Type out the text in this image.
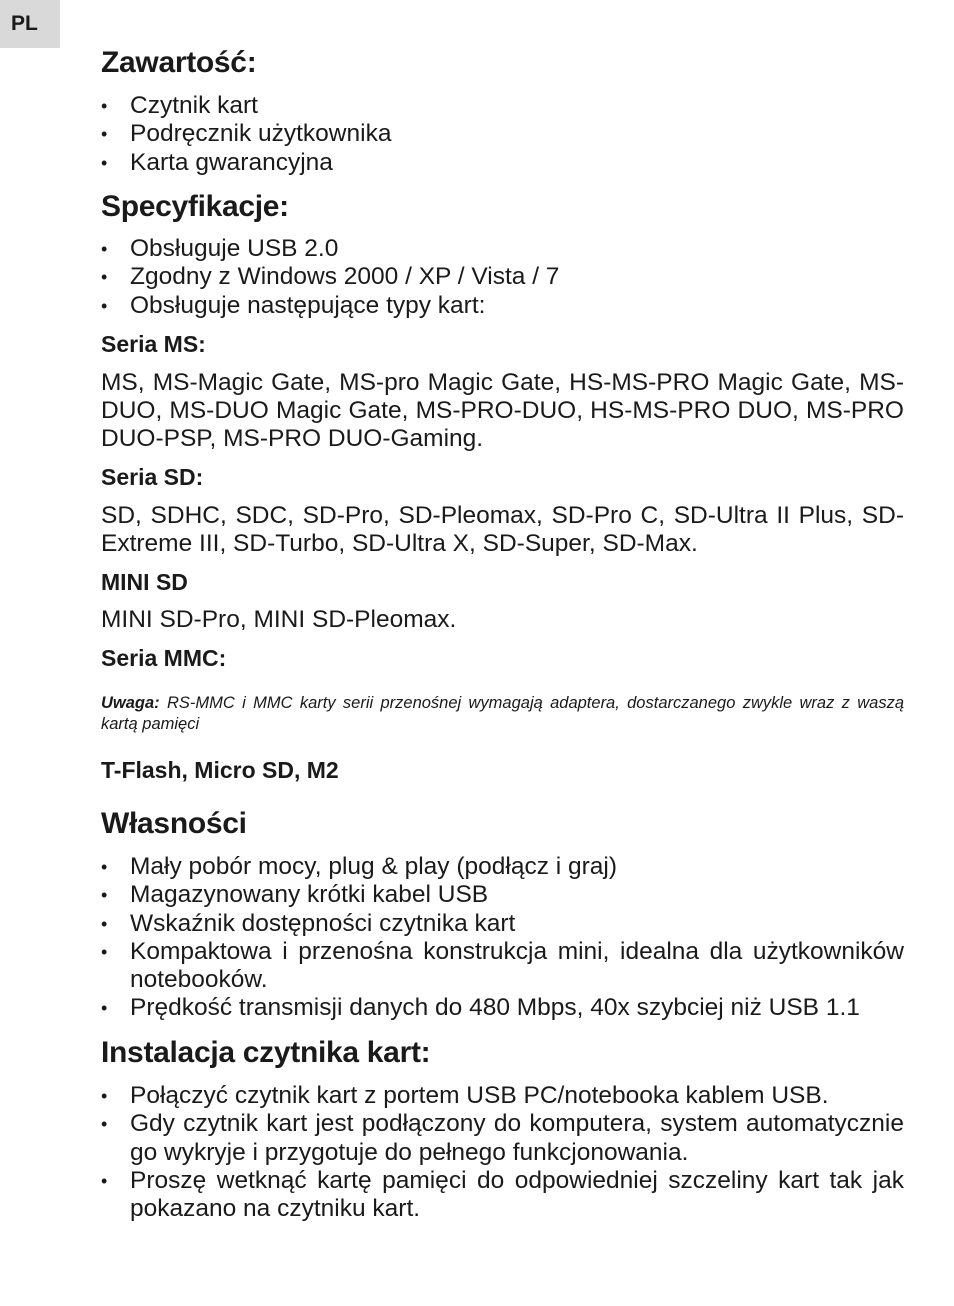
PL
Zawartość:
• Czytnik kart
• Podręcznik użytkownika
• Karta gwarancyjna
Specyfikacje:
• Obsługuje USB 2.0
• Zgodny z Windows 2000 / XP / Vista / 7
• Obsługuje następujące typy kart:

Seria MS:

MS, MS-Magic Gate, MS-pro Magic Gate, HS-MS-PRO Magic Gate, MS-DUO, MS-DUO Magic Gate, MS-PRO-DUO, HS-MS-PRO DUO, MS-PRO DUO-PSP, MS-PRO DUO-Gaming.

Seria SD:

SD, SDHC, SDC, SD-Pro, SD-Pleomax, SD-Pro C, SD-Ultra II Plus, SD-Extreme III, SD-Turbo, SD-Ultra X, SD-Super, SD-Max.

MINI SD

MINI SD-Pro, MINI SD-Pleomax.

Seria MMC:

Uwaga: RS-MMC i MMC karty serii przenośnej wymagają adaptera, dostarczanego zwykle wraz z waszą kartą pamięci

T-Flash, Micro SD, M2

Własności
• Mały pobór mocy, plug & play (podłącz i graj)
• Magazynowany krótki kabel USB
• Wskaźnik dostępności czytnika kart
• Kompaktowa i przenośna konstrukcja mini, idealna dla użytkowników notebooków.
• Prędkość transmisji danych do 480 Mbps, 40x szybciej niż USB 1.1
Instalacja czytnika kart:
• Połączyć czytnik kart z portem USB PC/notebooka kablem USB.
• Gdy czytnik kart jest podłączony do komputera, system automatycznie go wykryje i przygotuje do pełnego funkcjonowania.
• Proszę wetknąć kartę pamięci do odpowiedniej szczeliny kart tak jak pokazano na czytniku kart.
